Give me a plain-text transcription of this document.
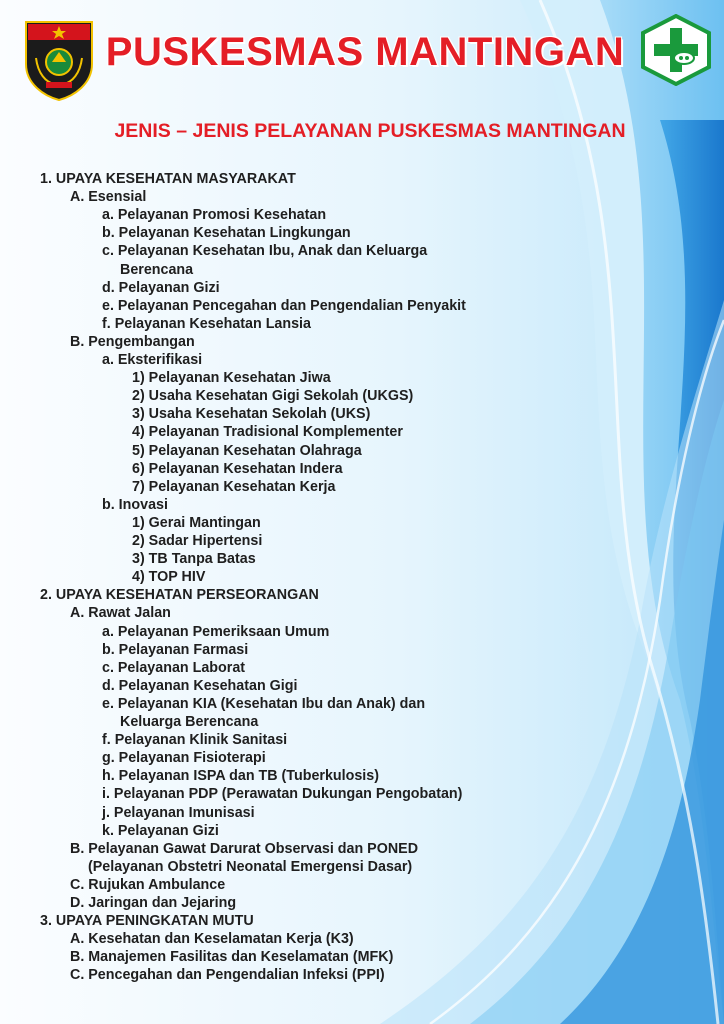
PUSKESMAS MANTINGAN
JENIS – JENIS PELAYANAN PUSKESMAS MANTINGAN
1. UPAYA KESEHATAN MASYARAKAT
A. Esensial
a. Pelayanan Promosi Kesehatan
b. Pelayanan Kesehatan Lingkungan
c. Pelayanan Kesehatan Ibu, Anak dan Keluarga
Berencana
d. Pelayanan Gizi
e. Pelayanan Pencegahan dan Pengendalian Penyakit
f. Pelayanan Kesehatan Lansia
B. Pengembangan
a. Eksterifikasi
1) Pelayanan Kesehatan Jiwa
2) Usaha Kesehatan Gigi Sekolah (UKGS)
3) Usaha Kesehatan Sekolah (UKS)
4) Pelayanan Tradisional Komplementer
5) Pelayanan Kesehatan Olahraga
6) Pelayanan Kesehatan Indera
7) Pelayanan Kesehatan Kerja
b. Inovasi
1) Gerai Mantingan
2) Sadar Hipertensi
3) TB Tanpa Batas
4) TOP HIV
2. UPAYA KESEHATAN PERSEORANGAN
A. Rawat Jalan
a. Pelayanan Pemeriksaan Umum
b. Pelayanan Farmasi
c. Pelayanan Laborat
d. Pelayanan Kesehatan Gigi
e. Pelayanan KIA (Kesehatan Ibu dan Anak) dan
Keluarga Berencana
f. Pelayanan Klinik Sanitasi
g. Pelayanan Fisioterapi
h. Pelayanan ISPA dan TB (Tuberkulosis)
i. Pelayanan PDP (Perawatan Dukungan Pengobatan)
j. Pelayanan Imunisasi
k. Pelayanan Gizi
B. Pelayanan Gawat Darurat Observasi dan PONED
(Pelayanan Obstetri Neonatal Emergensi Dasar)
C. Rujukan Ambulance
D. Jaringan dan Jejaring
3. UPAYA PENINGKATAN MUTU
A. Kesehatan dan Keselamatan Kerja (K3)
B. Manajemen Fasilitas dan Keselamatan (MFK)
C. Pencegahan dan Pengendalian Infeksi (PPI)
